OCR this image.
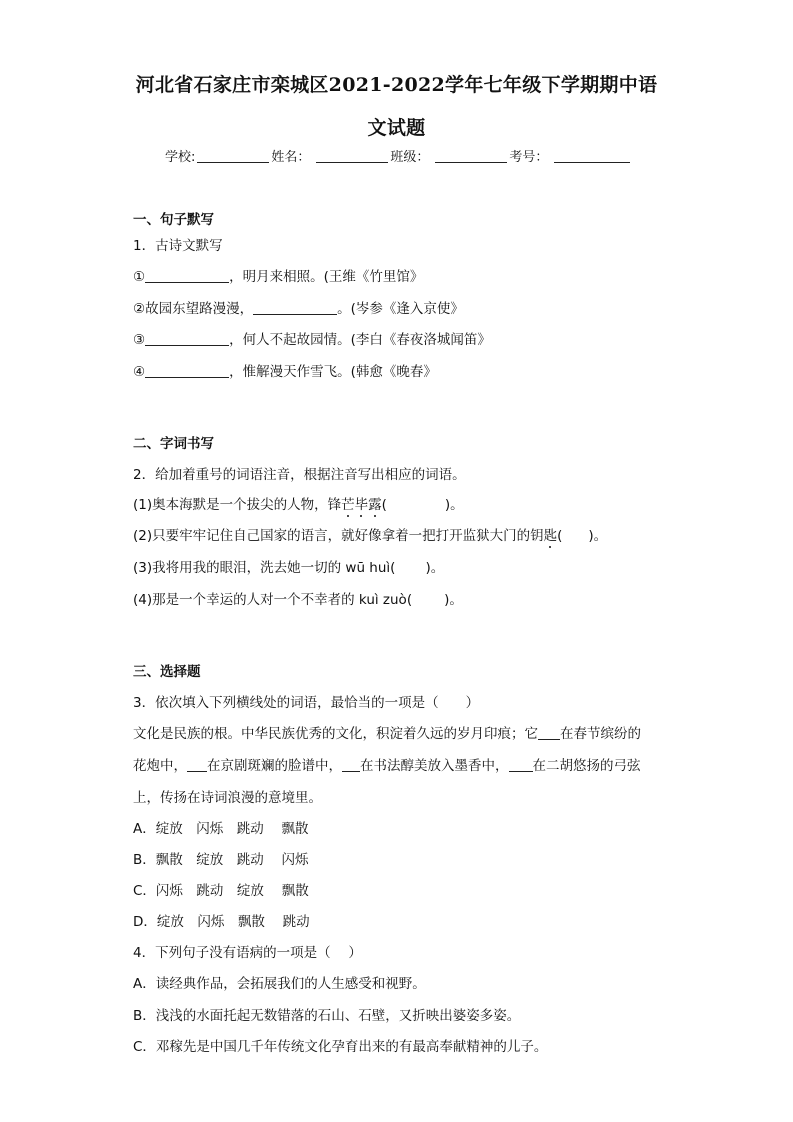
河北省石家庄市栾城区2021-2022学年七年级下学期期中语
文试题
学校:	姓名：	班级：	考号：
一、句子默写
1．古诗文默写
①	，明月来相照。(王维《竹里馆》
②故园东望路漫漫，	。(岑参《逢入京使》
③	，何人不起故园情。(李白《春夜洛城闻笛》
④	，惟解漫天作雪飞。(韩愈《晚春》
二、字词书写
2．给加着重号的词语注音，根据注音写出相应的词语。
(1)奥本海默是一个拔尖的人物，锋芒毕露(	)。
(2)只要牢牢记住自己国家的语言，就好像拿着一把打开监狱大门的钥匙( )。
(3)我将用我的眼泪，洗去她一切的 wū huì( )。
(4)那是一个幸运的人对一个不幸者的 kuì zuò( )。
三、选择题
3．依次填入下列横线处的词语，最恰当的一项是（　　）
文化是民族的根。中华民族优秀的文化，积淀着久远的岁月印痕；它 在春节缤纷的
花炮中， 在京剧斑斓的脸谱中， 在书法醇美放入墨香中， 在二胡悠扬的弓弦
上，传扬在诗词浪漫的意境里。
A．绽放　闪烁　跳动　 飘散
B．飘散　绽放　跳动　 闪烁
C．闪烁　跳动　绽放　 飘散
D．绽放　闪烁　飘散　 跳动
4．下列句子没有语病的一项是（　 ）
A．读经典作品，会拓展我们的人生感受和视野。
B．浅浅的水面托起无数错落的石山、石壁，又折映出婆姿多姿。
C．邓稼先是中国几千年传统文化孕育出来的有最高奉献精神的儿子。
